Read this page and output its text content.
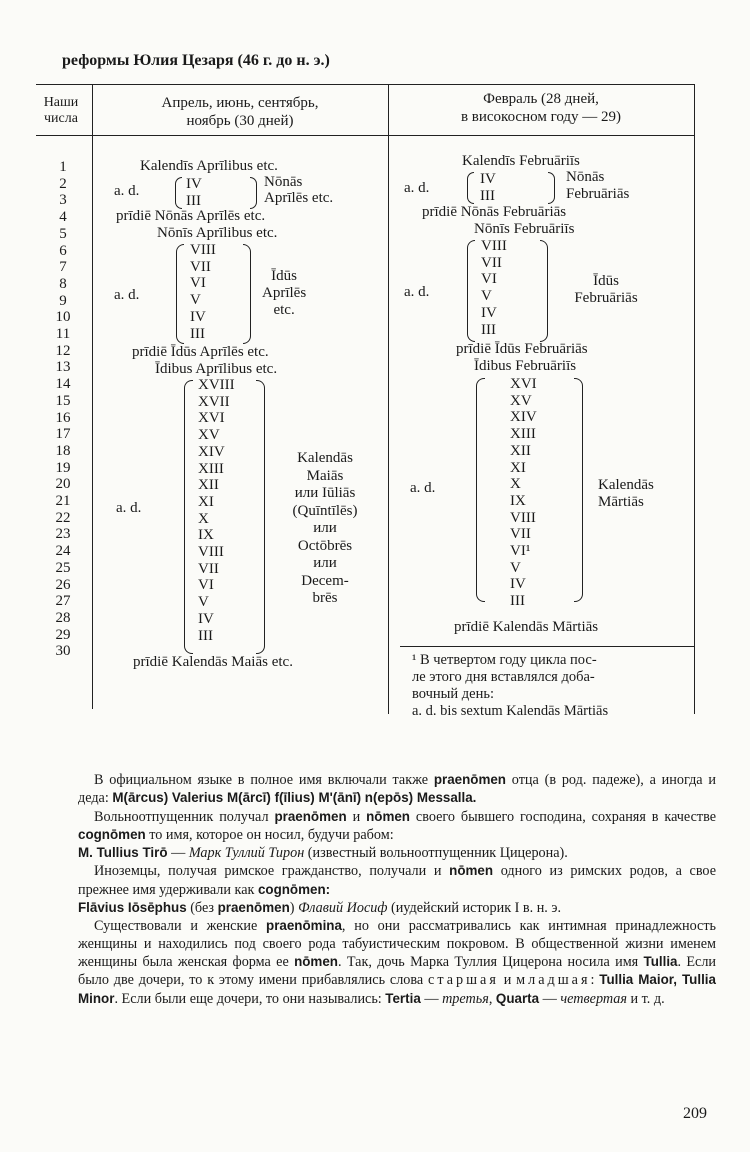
реформы Юлия Цезаря (46 г. до н. э.)
Наши
числа
Апрель, июнь, сентябрь,
ноябрь (30 дней)
Февраль (28 дней,
в високосном году — 29)
1
2
3
4
5
6
7
8
9
10
11
12
13
14
15
16
17
18
19
20
21
22
23
24
25
26
27
28
29
30
Kalendīs Aprīlibus etc.
a. d.	IV
III
Nōnās
Aprīlēs etc.
prīdiē Nōnās Aprīlēs etc.
Nōnīs Aprīlibus etc.
a. d.
VIII
VII
VI
V
IV
III
Īdūs
Aprīlēs
etc.
prīdiē Īdūs Aprīlēs etc.
Īdibus Aprīlibus etc.
a. d.
XVIII
XVII
XVI
XV
XIV
XIII
XII
XI
X
IX
VIII
VII
VI
V
IV
III
Kalendās
Maiās
или Iūliās
(Quīntīlēs)
или
Octōbrēs
или
Decem-
brēs
prīdiē Kalendās Maiās etc.
Kalendīs Februāriīs
a. d.
IV
III
Nōnās
Februāriās
prīdiē Nōnās Februāriās
Nōnīs Februāriīs
a. d.
VIII
VII
VI
V
IV
III
Īdūs
Februāriās
prīdiē Īdūs Februāriās
Īdibus Februāriīs
a. d.
XVI
XV
XIV
XIII
XII
XI
X
IX
VIII
VII
VI¹
V
IV
III
Kalendās
Mārtiās
prīdiē Kalendās Mārtiās
¹ В четвертом году цикла пос-
ле этого дня вставлялся доба-
вочный день:
a. d. bis sextum Kalendās Mārtiās

В официальном языке в полное имя включали также praenōmen отца (в род. падеже), а иногда и деда: M(ārcus) Valerius M(ārcī) f(īlius) M'(ānī) n(epōs) Messalla.

Вольноотпущенник получал praenōmen и nōmen своего бывшего господина, сохраняя в качестве cognōmen то имя, которое он носил, будучи рабом:

M. Tullius Tirō — Марк Туллий Тирон (известный вольноотпущенник Цицерона).

Иноземцы, получая римское гражданство, получали и nōmen одного из римских родов, а свое прежнее имя удерживали как cognōmen:

Flāvius Iōsēphus (без praenōmen) Флавий Иосиф (иудейский историк I в. н. э.

Существовали и женские praenōmina, но они рассматривались как интимная принадлежность женщины и находились под своего рода табуистическим покровом. В общественной жизни именем женщины была женская форма ее nōmen. Так, дочь Марка Туллия Цицерона носила имя Tullia. Если было две дочери, то к этому имени прибавлялись слова старшая и младшая: Tullia Maior, Tullia Minor. Если были еще дочери, то они назывались: Tertia — третья, Quarta — четвертая и т. д.

209
